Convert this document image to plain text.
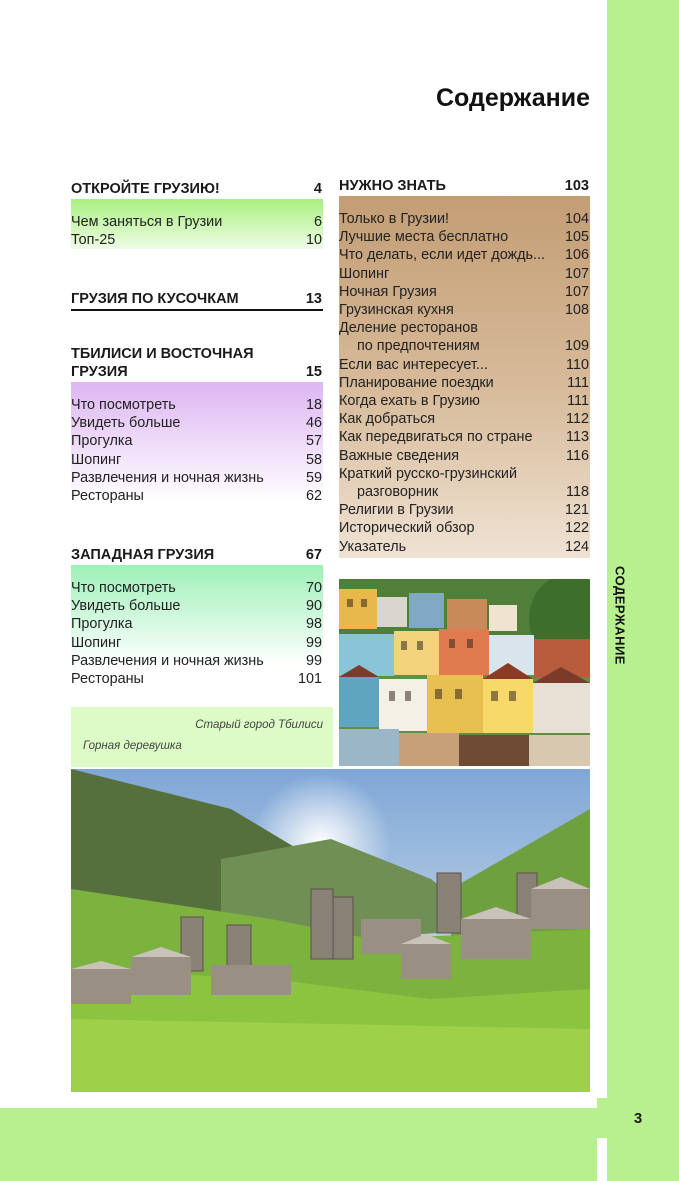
СОДЕРЖАНИЕ
3
Содержание
ОТКРОЙТЕ ГРУЗИЮ!	4
Чем заняться в Грузии	6
Топ-25	10
ГРУЗИЯ ПО КУСОЧКАМ	13
ТБИЛИСИ И ВОСТОЧНАЯ
ГРУЗИЯ	15
Что посмотреть	18
Увидеть больше	46
Прогулка	57
Шопинг	58
Развлечения и ночная жизнь	59
Рестораны	62
ЗАПАДНАЯ ГРУЗИЯ	67
Что посмотреть	70
Увидеть больше	90
Прогулка	98
Шопинг	99
Развлечения и ночная жизнь	99
Рестораны	101
НУЖНО ЗНАТЬ	103
Только в Грузии!	104
Лучшие места бесплатно	105
Что делать, если идет дождь... 106
Шопинг	107
Ночная Грузия	107
Грузинская кухня	108
Деление ресторанов
по предпочтениям	109
Если вас интересует...	110
Планирование поездки	111
Когда ехать в Грузию	111
Как добраться	112
Как передвигаться по стране 113
Важные сведения	116
Краткий русско-грузинский
разговорник	118
Религии в Грузии	121
Исторический обзор	122
Указатель	124
Старый город Тбилиси
Горная деревушка
